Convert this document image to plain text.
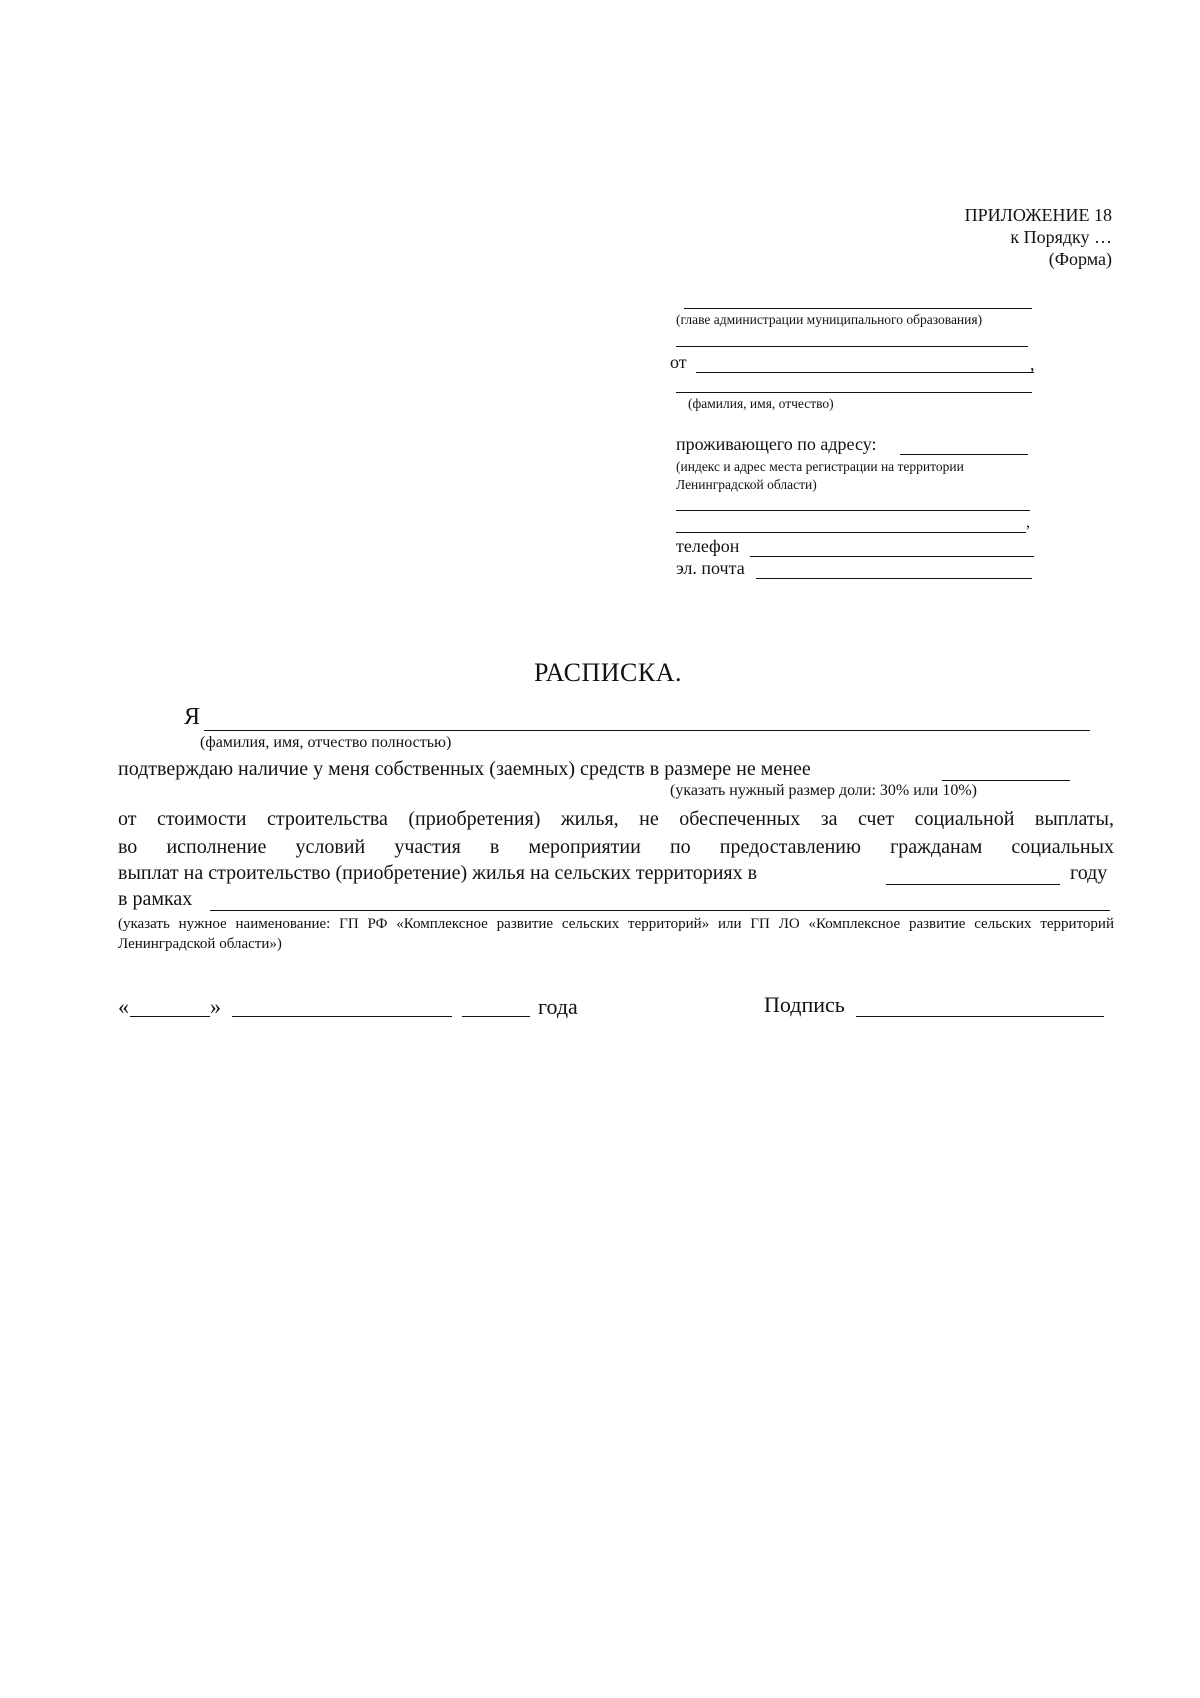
ПРИЛОЖЕНИЕ 18
к Порядку …
(Форма)
(главе администрации муниципального образования)
от	,
(фамилия, имя, отчество)
проживающего по адресу:
(индекс и адрес места регистрации на территории Ленинградской области)
,
телефон
эл. почта
РАСПИСКА.
Я
(фамилия, имя, отчество полностью)
подтверждаю наличие у меня собственных (заемных) средств в размере не менее
(указать нужный размер доли: 30% или 10%)
от стоимости строительства (приобретения) жилья, не обеспеченных за счет социальной выплаты,
во исполнение условий участия в мероприятии по предоставлению гражданам социальных
выплат на строительство (приобретение) жилья на сельских территориях в	году
в рамках
(указать нужное наименование: ГП РФ «Комплексное развитие сельских территорий» или ГП ЛО «Комплексное развитие сельских территорий Ленинградской области»)
«	»	года	Подпись
